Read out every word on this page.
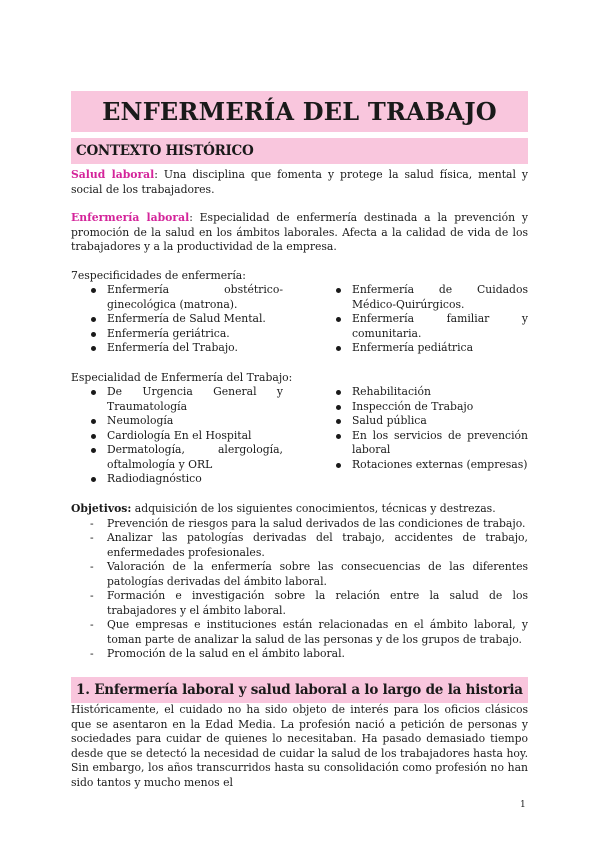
ENFERMERÍA DEL TRABAJO
CONTEXTO HISTÓRICO
Salud laboral: Una disciplina que fomenta y protege la salud física, mental y social de los trabajadores.
Enfermería laboral: Especialidad de enfermería destinada a la prevención y promoción de la salud en los ámbitos laborales. Afecta a la calidad de vida de los trabajadores y a la productividad de la empresa.
7especificidades de enfermería:
Enfermería obstétrico-ginecológica (matrona).
Enfermería de Salud Mental.
Enfermería geriátrica.
Enfermería del Trabajo.
Enfermería de Cuidados Médico-Quirúrgicos.
Enfermería familiar y comunitaria.
Enfermería pediátrica
Especialidad de Enfermería del Trabajo:
De Urgencia General y Traumatología
Neumología
Cardiología En el Hospital
Dermatología, alergología, oftalmología y ORL
Radiodiagnóstico
Rehabilitación
Inspección de Trabajo
Salud pública
En los servicios de prevención laboral
Rotaciones externas (empresas)
Objetivos: adquisición de los siguientes conocimientos, técnicas y destrezas.
- Prevención de riesgos para la salud derivados de las condiciones de trabajo.
- Analizar las patologías derivadas del trabajo, accidentes de trabajo, enfermedades profesionales.
- Valoración de la enfermería sobre las consecuencias de las diferentes patologías derivadas del ámbito laboral.
- Formación e investigación sobre la relación entre la salud de los trabajadores y el ámbito laboral.
- Que empresas e instituciones están relacionadas en el ámbito laboral, y toman parte de analizar la salud de las personas y de los grupos de trabajo.
- Promoción de la salud en el ámbito laboral.
1. Enfermería laboral y salud laboral a lo largo de la historia
Históricamente, el cuidado no ha sido objeto de interés para los oficios clásicos que se asentaron en la Edad Media. La profesión nació a petición de personas y sociedades para cuidar de quienes lo necesitaban. Ha pasado demasiado tiempo desde que se detectó la necesidad de cuidar la salud de los trabajadores hasta hoy. Sin embargo, los años transcurridos hasta su consolidación como profesión no han sido tantos y mucho menos el
1
